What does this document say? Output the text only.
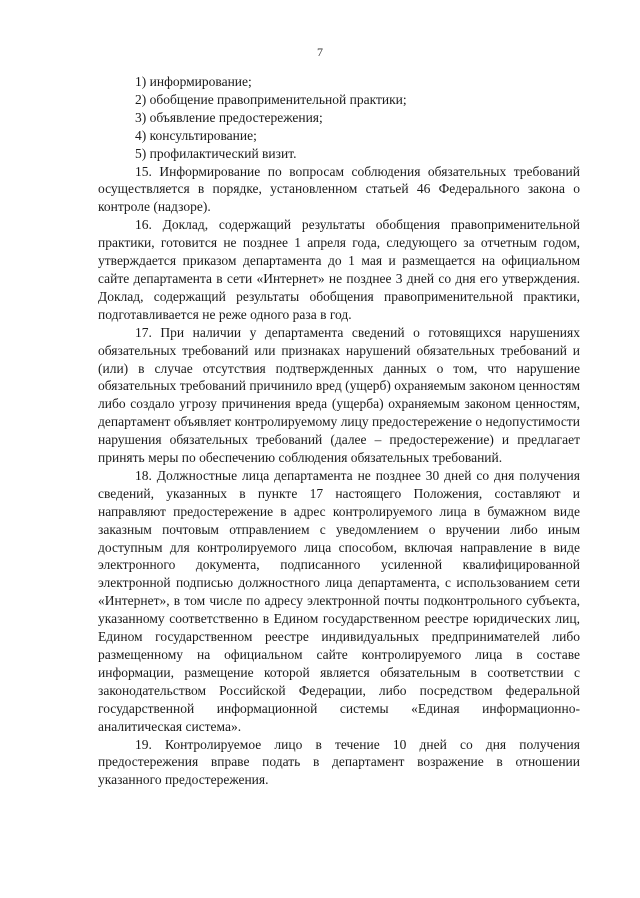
7
1) информирование;
2) обобщение правоприменительной практики;
3) объявление предостережения;
4) консультирование;
5) профилактический визит.
15. Информирование по вопросам соблюдения обязательных требований осуществляется в порядке, установленном статьей 46 Федерального закона о контроле (надзоре).
16. Доклад, содержащий результаты обобщения правоприменительной практики, готовится не позднее 1 апреля года, следующего за отчетным годом, утверждается приказом департамента до 1 мая и размещается на официальном сайте департамента в сети «Интернет» не позднее 3 дней со дня его утверждения. Доклад, содержащий результаты обобщения правоприменительной практики, подготавливается не реже одного раза в год.
17. При наличии у департамента сведений о готовящихся нарушениях обязательных требований или признаках нарушений обязательных требований и (или) в случае отсутствия подтвержденных данных о том, что нарушение обязательных требований причинило вред (ущерб) охраняемым законом ценностям либо создало угрозу причинения вреда (ущерба) охраняемым законом ценностям, департамент объявляет контролируемому лицу предостережение о недопустимости нарушения обязательных требований (далее – предостережение) и предлагает принять меры по обеспечению соблюдения обязательных требований.
18. Должностные лица департамента не позднее 30 дней со дня получения сведений, указанных в пункте 17 настоящего Положения, составляют и направляют предостережение в адрес контролируемого лица в бумажном виде заказным почтовым отправлением с уведомлением о вручении либо иным доступным для контролируемого лица способом, включая направление в виде электронного документа, подписанного усиленной квалифицированной электронной подписью должностного лица департамента, с использованием сети «Интернет», в том числе по адресу электронной почты подконтрольного субъекта, указанному соответственно в Едином государственном реестре юридических лиц, Едином государственном реестре индивидуальных предпринимателей либо размещенному на официальном сайте контролируемого лица в составе информации, размещение которой является обязательным в соответствии с законодательством Российской Федерации, либо посредством федеральной государственной информационной системы «Единая информационно-аналитическая система».
19. Контролируемое лицо в течение 10 дней со дня получения предостережения вправе подать в департамент возражение в отношении указанного предостережения.
